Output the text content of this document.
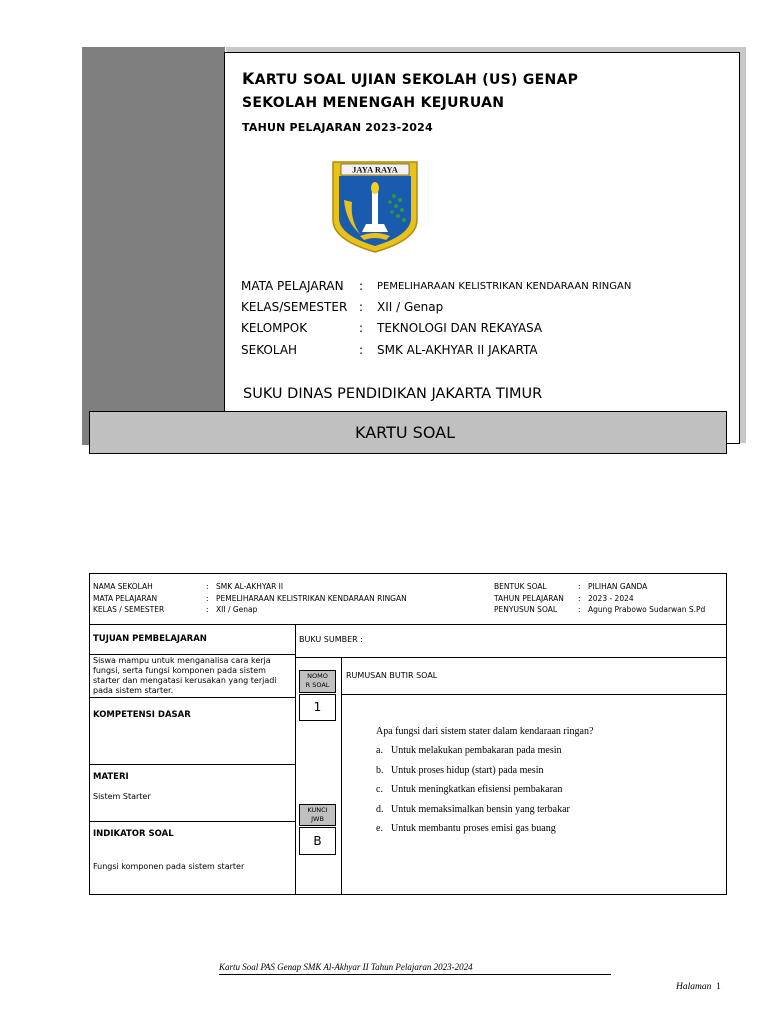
KARTU SOAL UJIAN SEKOLAH (US) GENAP
SEKOLAH MENENGAH KEJURUAN
TAHUN PELAJARAN 2023-2024
JAYA RAYA
MATA PELAJARAN	: PEMELIHARAAN KELISTRIKAN KENDARAAN RINGAN
KELAS/SEMESTER : XII / Genap
KELOMPOK	: TEKNOLOGI DAN REKAYASA
SEKOLAH	: SMK AL-AKHYAR II JAKARTA
SUKU DINAS PENDIDIKAN JAKARTA TIMUR
KARTU SOAL
NAMA SEKOLAH	: SMK AL-AKHYAR II
MATA PELAJARAN	: PEMELIHARAAN KELISTRIKAN KENDARAAN RINGAN
KELAS / SEMESTER	: XII / Genap
BENTUK SOAL	: PILIHAN GANDA
TAHUN PELAJARAN : 2023 - 2024
PENYUSUN SOAL	: Agung Prabowo Sudarwan S.Pd
TUJUAN PEMBELAJARAN
Siswa mampu untuk menganalisa cara kerja fungsi, serta fungsi komponen pada sistem starter dan mengatasi kerusakan yang terjadi pada sistem starter.
KOMPETENSI DASAR
MATERI
Sistem Starter
INDIKATOR SOAL
Fungsi komponen pada sistem starter
BUKU SUMBER :
NOMO
R SOAL
1
RUMUSAN BUTIR SOAL
KUNCI
JWB
B
Apa fungsi dari sistem stater dalam kendaraan ringan?
a. Untuk melakukan pembakaran pada mesin
b. Untuk proses hidup (start) pada mesin
c. Untuk meningkatkan efisiensi pembakaran
d. Untuk memaksimalkan bensin yang terbakar
e. Untuk membantu proses emisi gas buang
Kartu Soal PAS Genap SMK Al-Akhyar II Tahun Pelajaran 2023-2024
Halaman 1
